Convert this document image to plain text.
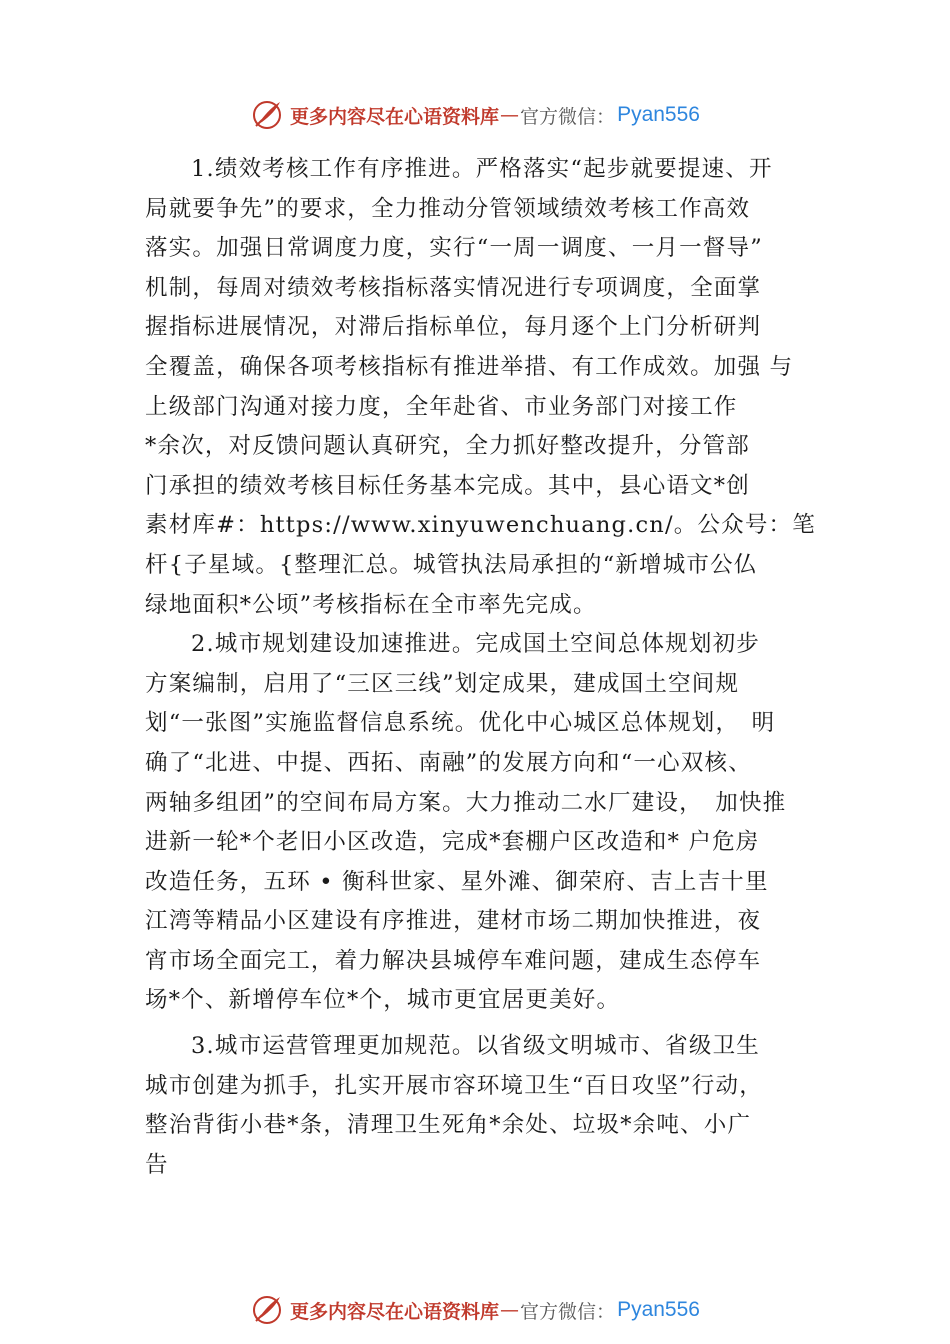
更多内容尽在心语资料库 — 官方微信： Pyan556
1.绩效考核工作有序推进。严格落实“起步就要提速、开
局就要争先”的要求，全力推动分管领域绩效考核工作高效
落实。加强日常调度力度，实行“一周一调度、一月一督导”
机制，每周对绩效考核指标落实情况进行专项调度，全面掌
握指标进展情况，对滞后指标单位，每月逐个上门分析研判
全覆盖，确保各项考核指标有推进举措、有工作成效。加强 与
上级部门沟通对接力度，全年赴省、市业务部门对接工作
*余次，对反馈问题认真研究，全力抓好整改提升，分管部
门承担的绩效考核目标任务基本完成。其中，县心语文*创
素材库#：https://www.xinyuwenchuang.cn/。公众号：笔
杆{子星域。{整理汇总。城管执法局承担的“新增城市公仏
绿地面积*公顷”考核指标在全市率先完成。
2.城市规划建设加速推进。完成国土空间总体规划初步
方案编制，启用了“三区三线”划定成果，建成国土空间规
划“一张图”实施监督信息系统。优化中心城区总体规划，　明
确了“北进、中提、西拓、南融”的发展方向和“一心双核、
两轴多组团”的空间布局方案。大力推动二水厂建设，　加快推
进新一轮*个老旧小区改造，完成*套棚户区改造和* 户危房
改造任务，五环 • 衡科世家、星外滩、御荣府、吉上吉十里
江湾等精品小区建设有序推进，建材市场二期加快推进，夜
宵市场全面完工，着力解决县城停车难问题，建成生态停车
场*个、新增停车位*个，城市更宜居更美好。
3.城市运营管理更加规范。以省级文明城市、省级卫生
城市创建为抓手，扎实开展市容环境卫生“百日攻坚”行动，
整治背街小巷*条，清理卫生死角*余处、垃圾*余吨、小广
告
更多内容尽在心语资料库 — 官方微信： Pyan556
